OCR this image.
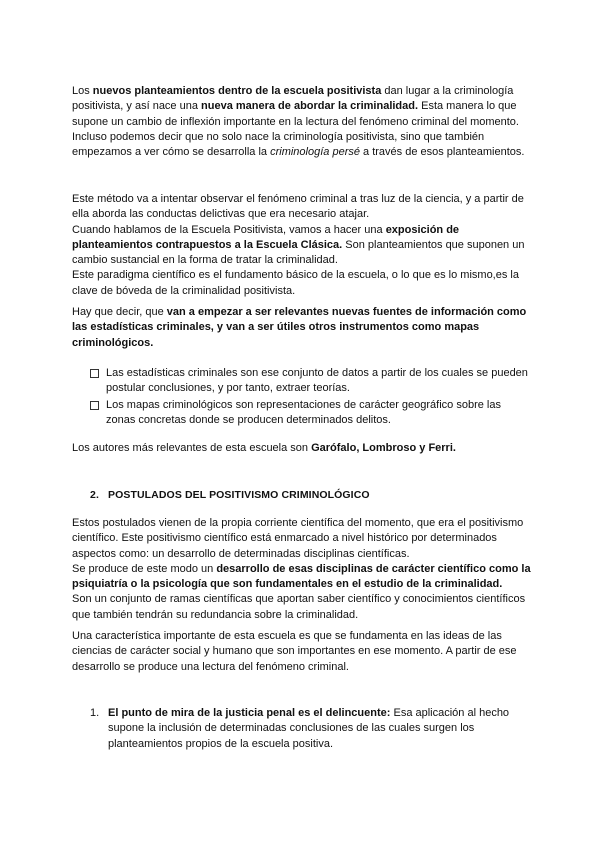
Los nuevos planteamientos dentro de la escuela positivista dan lugar a la criminología positivista, y así nace una nueva manera de abordar la criminalidad. Esta manera lo que supone un cambio de inflexión importante en la lectura del fenómeno criminal del momento. Incluso podemos decir que no solo nace la criminología positivista, sino que también empezamos a ver cómo se desarrolla la criminología persé a través de esos planteamientos.

Este método va a intentar observar el fenómeno criminal a tras luz de la ciencia, y a partir de ella aborda las conductas delictivas que era necesario atajar.
Cuando hablamos de la Escuela Positivista, vamos a hacer una exposición de planteamientos contrapuestos a la Escuela Clásica. Son planteamientos que suponen un cambio sustancial en la forma de tratar la criminalidad.
Este paradigma científico es el fundamento básico de la escuela, o lo que es lo mismo,es la clave de bóveda de la criminalidad positivista.

Hay que decir, que van a empezar a ser relevantes nuevas fuentes de información como las estadísticas criminales, y van a ser útiles otros instrumentos como mapas criminológicos.

Las estadísticas criminales son ese conjunto de datos a partir de los cuales se pueden postular conclusiones, y por tanto, extraer teorías.
Los mapas criminológicos son representaciones de carácter geográfico sobre las zonas concretas donde se producen determinados delitos.

Los autores más relevantes de esta escuela son Garófalo, Lombroso y Ferri.

2. POSTULADOS DEL POSITIVISMO CRIMINOLÓGICO
Estos postulados vienen de la propia corriente científica del momento, que era el positivismo científico. Este positivismo científico está enmarcado a nivel histórico por determinados aspectos como: un desarrollo de determinadas disciplinas científicas.
Se produce de este modo un desarrollo de esas disciplinas de carácter científico como la psiquiatría o la psicología que son fundamentales en el estudio de la criminalidad.
Son un conjunto de ramas científicas que aportan saber científico y conocimientos científicos que también tendrán su redundancia sobre la criminalidad.

Una característica importante de esta escuela es que se fundamenta en las ideas de las ciencias de carácter social y humano que son importantes en ese momento. A partir de ese desarrollo se produce una lectura del fenómeno criminal.

1. El punto de mira de la justicia penal es el delincuente: Esa aplicación al hecho supone la inclusión de determinadas conclusiones de las cuales surgen los planteamientos propios de la escuela positiva.
